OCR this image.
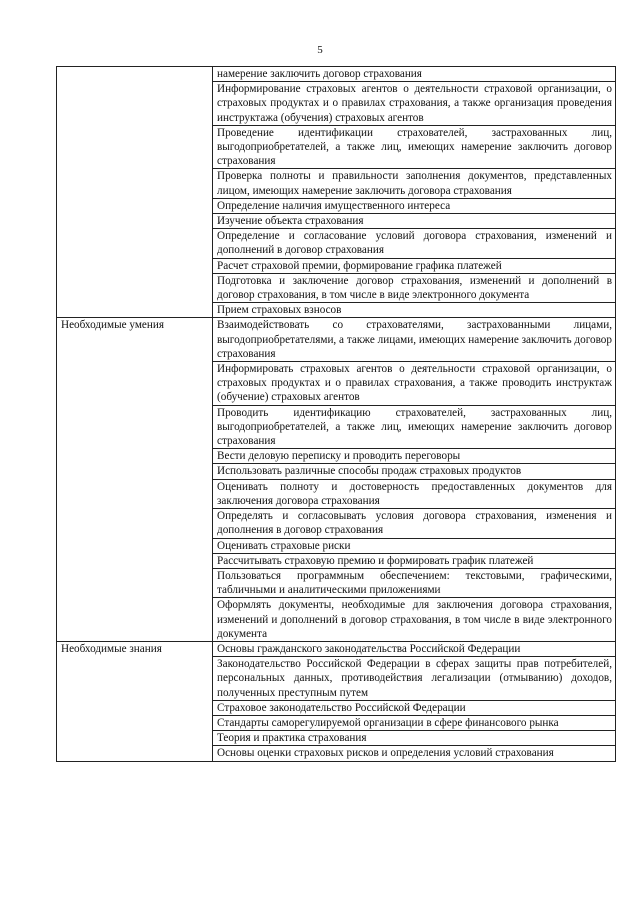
5
	намерение заключить договор страхования
	Информирование страховых агентов о деятельности страховой организации, о страховых продуктах и о правилах страхования, а также организация проведения инструктажа (обучения) страховых агентов
	Проведение идентификации страхователей, застрахованных лиц, выгодоприобретателей, а также лиц, имеющих намерение заключить договор страхования
	Проверка полноты и правильности заполнения документов, представленных лицом, имеющих намерение заключить договора страхования
	Определение наличия имущественного интереса
	Изучение объекта страхования
	Определение и согласование условий договора страхования, изменений и дополнений в договор страхования
	Расчет страховой премии, формирование графика платежей
	Подготовка и заключение договор страхования, изменений и дополнений в договор страхования, в том числе в виде электронного документа
	Прием страховых взносов
Необходимые умения	Взаимодействовать со страхователями, застрахованными лицами, выгодоприобретателями, а также лицами, имеющих намерение заключить договор страхования
	Информировать страховых агентов о деятельности страховой организации, о страховых продуктах и о правилах страхования, а также проводить инструктаж (обучение) страховых агентов
	Проводить идентификацию страхователей, застрахованных лиц, выгодоприобретателей, а также лиц, имеющих намерение заключить договор страхования
	Вести деловую переписку и проводить переговоры
	Использовать различные способы продаж страховых продуктов
	Оценивать полноту и достоверность предоставленных документов для заключения договора страхования
	Определять и согласовывать условия договора страхования, изменения и дополнения в договор страхования
	Оценивать страховые риски
	Рассчитывать страховую премию и формировать график платежей
	Пользоваться программным обеспечением: текстовыми, графическими, табличными и аналитическими приложениями
	Оформлять документы, необходимые для заключения договора страхования, изменений и дополнений в договор страхования, в том числе в виде электронного документа
Необходимые знания	Основы гражданского законодательства Российской Федерации
	Законодательство Российской Федерации в сферах защиты прав потребителей, персональных данных, противодействия легализации (отмыванию) доходов, полученных преступным путем
	Страховое законодательство Российской Федерации
	Стандарты саморегулируемой организации в сфере финансового рынка
	Теория и практика страхования
	Основы оценки страховых рисков и определения условий страхования
